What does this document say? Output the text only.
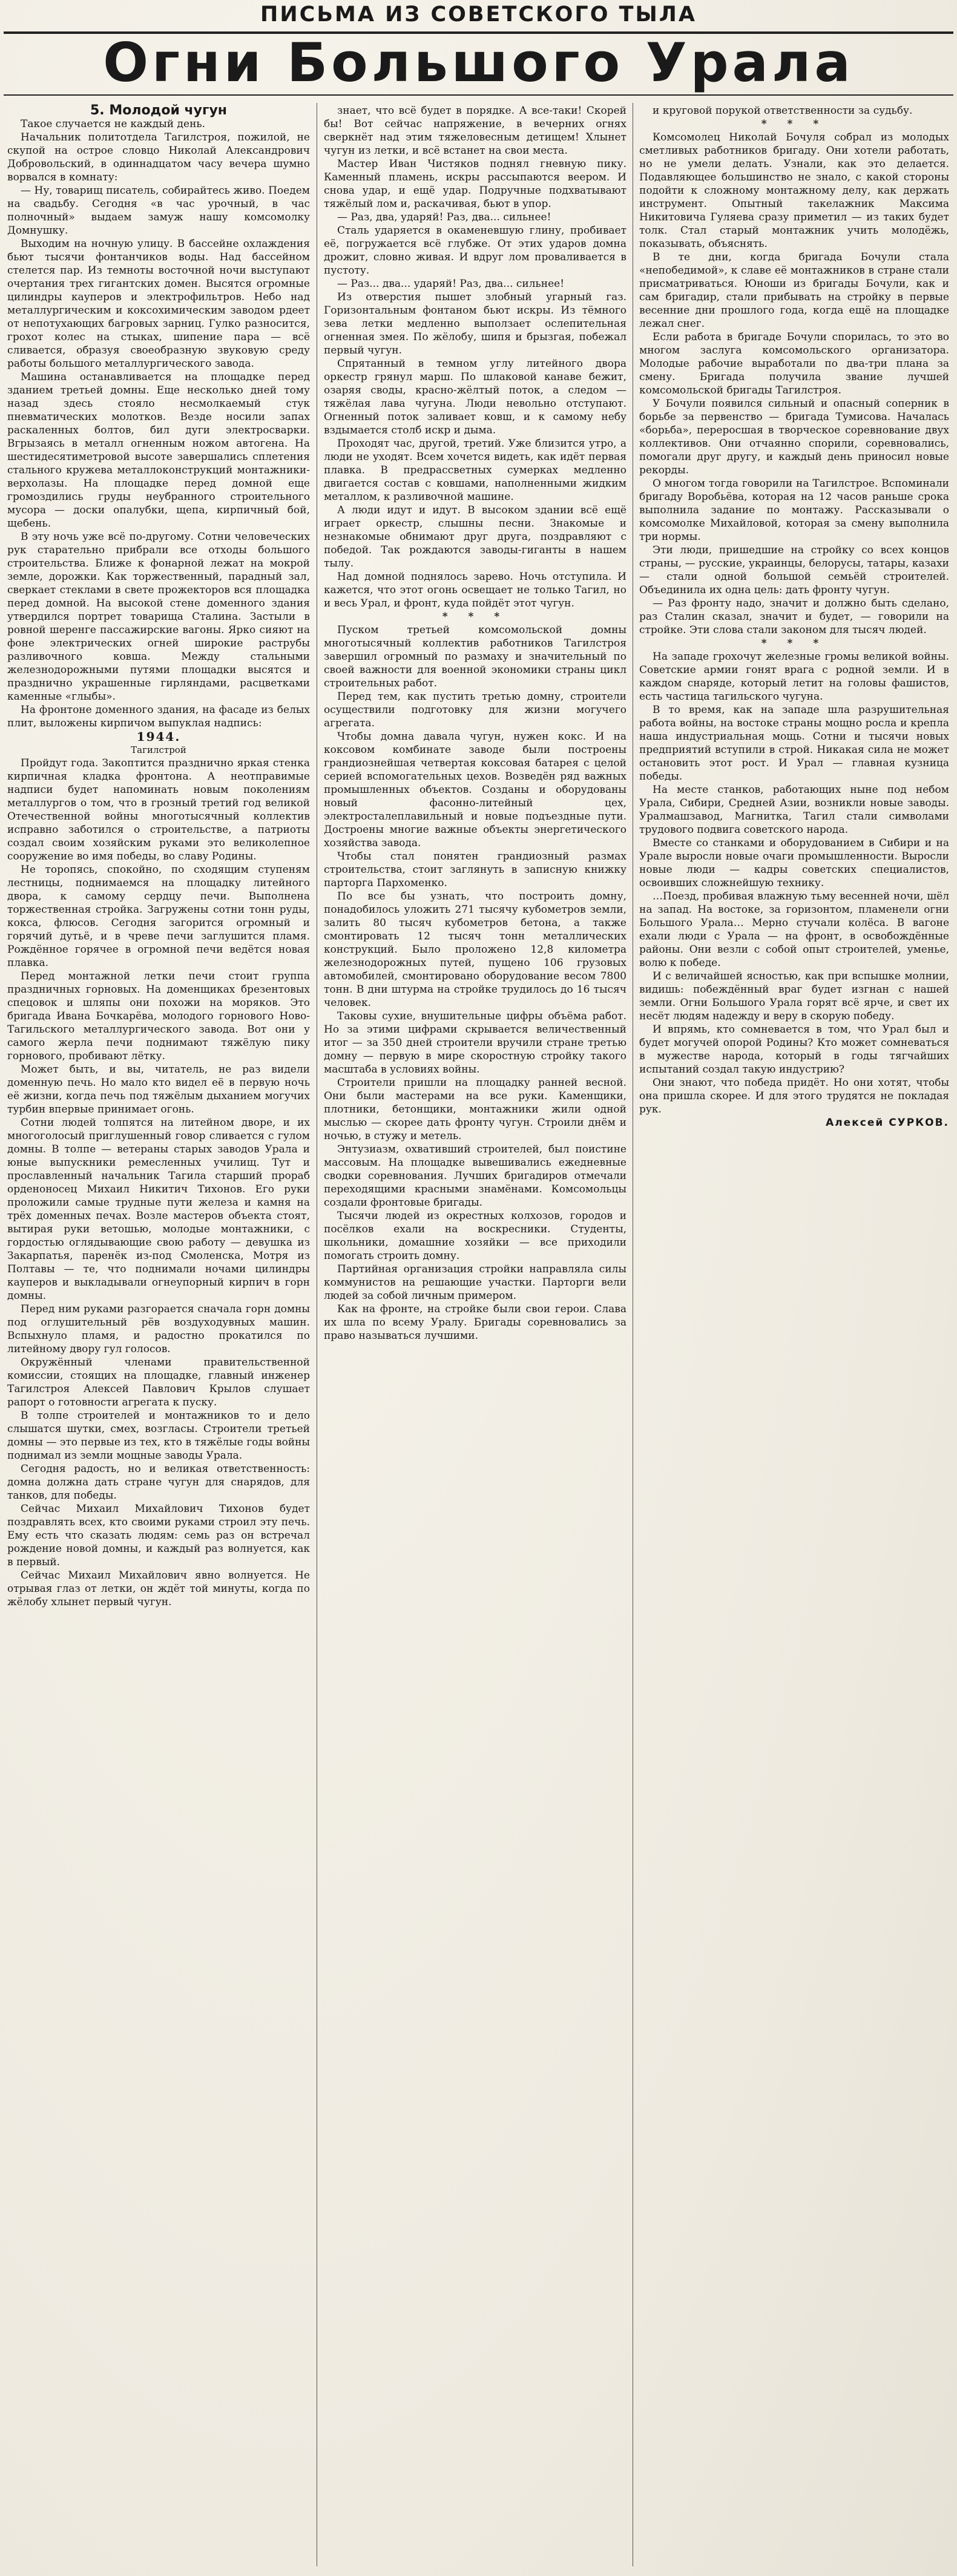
ПИСЬМА ИЗ СОВЕТСКОГО ТЫЛА
Огни Большого Урала

5. Молодой чугун

Такое случается не каждый день.

Начальник политотдела Тагилстроя, пожилой, не скупой на острое словцо Николай Александрович Добровольский, в одиннадцатом часу вечера шумно ворвался в комнату:

— Ну, товарищ писатель, собирайтесь живо. Поедем на свадьбу. Сегодня «в час урочный, в час полночный» выдаем замуж нашу комсомолку Домнушку.

Выходим на ночную улицу. В бассейне охлаждения бьют тысячи фонтанчиков воды. Над бассейном стелется пар. Из темноты восточной ночи выступают очертания трех гигантских домен. Высятся огромные цилиндры кауперов и электрофильтров. Небо над металлургическим и коксохимическим заводом рдеет от непотухающих багровых зарниц. Гулко разносится, грохот колес на стыках, шипение пара — всё сливается, образуя своеобразную звуковую среду работы большого металлургического завода.

Машина останавливается на площадке перед зданием третьей домны. Еще несколько дней тому назад здесь стояло несмолкаемый стук пневматических молотков. Везде носили запах раскаленных болтов, бил дуги электросварки. Вгрызаясь в металл огненным ножом автогена. На шестидесятиметровой высоте завершались сплетения стального кружева металлоконструкций монтажники-верхолазы. На площадке перед домной еще громоздились груды неубранного строительного мусора — доски опалубки, щепа, кирпичный бой, щебень.

В эту ночь уже всё по-другому. Сотни человеческих рук старательно прибрали все отходы большого строительства. Ближе к фонарной лежат на мокрой земле, дорожки. Как торжественный, парадный зал, сверкает стеклами в свете прожекторов вся площадка перед домной. На высокой стене доменного здания утвердился портрет товарища Сталина. Застыли в ровной шеренге пассажирские вагоны. Ярко сияют на фоне электрических огней широкие раструбы разливочного ковша. Между стальными железнодорожными путями площадки высятся и празднично украшенные гирляндами, расцветками каменные «глыбы».

На фронтоне доменного здания, на фасаде из белых плит, выложены кирпичом выпуклая надпись:

1944.

Тагилстрой

Пройдут года. Закоптится празднично яркая стенка кирпичная кладка фронтона. А неотправимые надписи будет напоминать новым поколениям металлургов о том, что в грозный третий год великой Отечественной войны многотысячный коллектив исправно заботился о строительстве, а патриоты создал своим хозяйским руками это великолепное сооружение во имя победы, во славу Родины.

Не торопясь, спокойно, по сходящим ступеням лестницы, поднимаемся на площадку литейного двора, к самому сердцу печи. Выполнена торжественная стройка. Загружены сотни тонн руды, кокса, флюсов. Сегодня загорится огромный и горячий дутьё, и в чреве печи заглушится пламя. Рождённое горячее в огромной печи ведётся новая плавка.

Перед монтажной летки печи стоит группа праздничных горновых. На доменщиках брезентовых спецовок и шляпы они похожи на моряков. Это бригада Ивана Бочкарёва, молодого горнового Ново-Тагильского металлургического завода. Вот они у самого жерла печи поднимают тяжёлую пику горнового, пробивают лётку.

Может быть, и вы, читатель, не раз видели доменную печь. Но мало кто видел её в первую ночь её жизни, когда печь под тяжёлым дыханием могучих турбин впервые принимает огонь.

Сотни людей толпятся на литейном дворе, и их многоголосый приглушенный говор сливается с гулом домны. В толпе — ветераны старых заводов Урала и юные выпускники ремесленных училищ. Тут и прославленный начальник Тагила старший прораб орденоносец Михаил Никитич Тихонов. Его руки проложили самые трудные пути железа и камня на трёх доменных печах. Возле мастеров объекта стоят, вытирая руки ветошью, молодые монтажники, с гордостью оглядывающие свою работу — девушка из Закарпатья, паренёк из-под Смоленска, Мотря из Полтавы — те, что поднимали ночами цилиндры кауперов и выкладывали огнеупорный кирпич в горн домны.

Перед ним руками разгорается сначала горн домны под оглушительный рёв воздуходувных машин. Вспыхнуло пламя, и радостно прокатился по литейному двору гул голосов.

Окружённый членами правительственной комиссии, стоящих на площадке, главный инженер Тагилстроя Алексей Павлович Крылов слушает рапорт о готовности агрегата к пуску.

В толпе строителей и монтажников то и дело слышатся шутки, смех, возгласы. Строители третьей домны — это первые из тех, кто в тяжёлые годы войны поднимал из земли мощные заводы Урала.

Сегодня радость, но и великая ответственность: домна должна дать стране чугун для снарядов, для танков, для победы.

Сейчас Михаил Михайлович Тихонов будет поздравлять всех, кто своими руками строил эту печь. Ему есть что сказать людям: семь раз он встречал рождение новой домны, и каждый раз волнуется, как в первый.

Сейчас Михаил Михайлович явно волнуется. Не отрывая глаз от летки, он ждёт той минуты, когда по жёлобу хлынет первый чугун.

знает, что всё будет в порядке. А все-таки! Скорей бы! Вот сейчас напряжение, в вечерних огнях сверкнёт над этим тяжеловесным детищем! Хлынет чугун из летки, и всё встанет на свои места.

Мастер Иван Чистяков поднял гневную пику. Каменный пламень, искры рассыпаются веером. И снова удар, и ещё удар. Подручные подхватывают тяжёлый лом и, раскачивая, бьют в упор.

— Раз, два, ударяй! Раз, два... сильнее!

Сталь ударяется в окаменевшую глину, пробивает её, погружается всё глубже. От этих ударов домна дрожит, словно живая. И вдруг лом проваливается в пустоту.

— Раз... два... ударяй! Раз, два... сильнее!

Из отверстия пышет злобный угарный газ. Горизонтальным фонтаном бьют искры. Из тёмного зева летки медленно выползает ослепительная огненная змея. По жёлобу, шипя и брызгая, побежал первый чугун.

Спрятанный в темном углу литейного двора оркестр грянул марш. По шлаковой канаве бежит, озаряя своды, красно-жёлтый поток, а следом — тяжёлая лава чугуна. Люди невольно отступают. Огненный поток заливает ковш, и к самому небу вздымается столб искр и дыма.

Проходят час, другой, третий. Уже близится утро, а люди не уходят. Всем хочется видеть, как идёт первая плавка. В предрассветных сумерках медленно двигается состав с ковшами, наполненными жидким металлом, к разливочной машине.

А люди идут и идут. В высоком здании всё ещё играет оркестр, слышны песни. Знакомые и незнакомые обнимают друг друга, поздравляют с победой. Так рождаются заводы-гиганты в нашем тылу.

Над домной поднялось зарево. Ночь отступила. И кажется, что этот огонь освещает не только Тагил, но и весь Урал, и фронт, куда пойдёт этот чугун.

* * *

Пуском третьей комсомольской домны многотысячный коллектив работников Тагилстроя завершил огромный по размаху и значительный по своей важности для военной экономики страны цикл строительных работ.

Перед тем, как пустить третью домну, строители осуществили подготовку для жизни могучего агрегата.

Чтобы домна давала чугун, нужен кокс. И на коксовом комбинате заводе были построены грандиознейшая четвертая коксовая батарея с целой серией вспомогательных цехов. Возведён ряд важных промышленных объектов. Созданы и оборудованы новый фасонно-литейный цех, электросталеплавильный и новые подъездные пути. Достроены многие важные объекты энергетического хозяйства завода.

Чтобы стал понятен грандиозный размах строительства, стоит заглянуть в записную книжку парторга Пархоменко.

По все бы узнать, что построить домну, понадобилось уложить 271 тысячу кубометров земли, залить 80 тысяч кубометров бетона, а также смонтировать 12 тысяч тонн металлических конструкций. Было проложено 12,8 километра железнодорожных путей, пущено 106 грузовых автомобилей, смонтировано оборудование весом 7800 тонн. В дни штурма на стройке трудилось до 16 тысяч человек.

Таковы сухие, внушительные цифры объёма работ. Но за этими цифрами скрывается величественный итог — за 350 дней строители вручили стране третью домну — первую в мире скоростную стройку такого масштаба в условиях войны.

Строители пришли на площадку ранней весной. Они были мастерами на все руки. Каменщики, плотники, бетонщики, монтажники жили одной мыслью — скорее дать фронту чугун. Строили днём и ночью, в стужу и метель.

Энтузиазм, охвативший строителей, был поистине массовым. На площадке вывешивались ежедневные сводки соревнования. Лучших бригадиров отмечали переходящими красными знамёнами. Комсомольцы создали фронтовые бригады.

Тысячи людей из окрестных колхозов, городов и посёлков ехали на воскресники. Студенты, школьники, домашние хозяйки — все приходили помогать строить домну.

Партийная организация стройки направляла силы коммунистов на решающие участки. Парторги вели людей за собой личным примером.

Как на фронте, на стройке были свои герои. Слава их шла по всему Уралу. Бригады соревновались за право называться лучшими.

и круговой порукой ответственности за судьбу.

* * *

Комсомолец Николай Бочуля собрал из молодых сметливых работников бригаду. Они хотели работать, но не умели делать. Узнали, как это делается. Подавляющее большинство не знало, с какой стороны подойти к сложному монтажному делу, как держать инструмент. Опытный такелажник Максима Никитовича Гуляева сразу приметил — из таких будет толк. Стал старый монтажник учить молодёжь, показывать, объяснять.

В те дни, когда бригада Бочули стала «непобедимой», к славе её монтажников в стране стали присматриваться. Юноши из бригады Бочули, как и сам бригадир, стали прибывать на стройку в первые весенние дни прошлого года, когда ещё на площадке лежал снег.

Если работа в бригаде Бочули спорилась, то это во многом заслуга комсомольского организатора. Молодые рабочие выработали по два-три плана за смену. Бригада получила звание лучшей комсомольской бригады Тагилстроя.

У Бочули появился сильный и опасный соперник в борьбе за первенство — бригада Тумисова. Началась «борьба», переросшая в творческое соревнование двух коллективов. Они отчаянно спорили, соревновались, помогали друг другу, и каждый день приносил новые рекорды.

О многом тогда говорили на Тагилстрое. Вспоминали бригаду Воробьёва, которая на 12 часов раньше срока выполнила задание по монтажу. Рассказывали о комсомолке Михайловой, которая за смену выполнила три нормы.

Эти люди, пришедшие на стройку со всех концов страны, — русские, украинцы, белорусы, татары, казахи — стали одной большой семьёй строителей. Объединила их одна цель: дать фронту чугун.

— Раз фронту надо, значит и должно быть сделано, раз Сталин сказал, значит и будет, — говорили на стройке. Эти слова стали законом для тысяч людей.

* * *

На западе грохочут железные громы великой войны. Советские армии гонят врага с родной земли. И в каждом снаряде, который летит на головы фашистов, есть частица тагильского чугуна.

В то время, как на западе шла разрушительная работа войны, на востоке страны мощно росла и крепла наша индустриальная мощь. Сотни и тысячи новых предприятий вступили в строй. Никакая сила не может остановить этот рост. И Урал — главная кузница победы.

На месте станков, работающих ныне под небом Урала, Сибири, Средней Азии, возникли новые заводы. Уралмашзавод, Магнитка, Тагил стали символами трудового подвига советского народа.

Вместе со станками и оборудованием в Сибири и на Урале выросли новые очаги промышленности. Выросли новые люди — кадры советских специалистов, освоивших сложнейшую технику.

…Поезд, пробивая влажную тьму весенней ночи, шёл на запад. На востоке, за горизонтом, пламенели огни Большого Урала… Мерно стучали колёса. В вагоне ехали люди с Урала — на фронт, в освобождённые районы. Они везли с собой опыт строителей, уменье, волю к победе.

И с величайшей ясностью, как при вспышке молнии, видишь: побеждённый враг будет изгнан с нашей земли. Огни Большого Урала горят всё ярче, и свет их несёт людям надежду и веру в скорую победу.

И впрямь, кто сомневается в том, что Урал был и будет могучей опорой Родины? Кто может сомневаться в мужестве народа, который в годы тягчайших испытаний создал такую индустрию?

Они знают, что победа придёт. Но они хотят, чтобы она пришла скорее. И для этого трудятся не покладая рук.

Алексей СУРКОВ.
